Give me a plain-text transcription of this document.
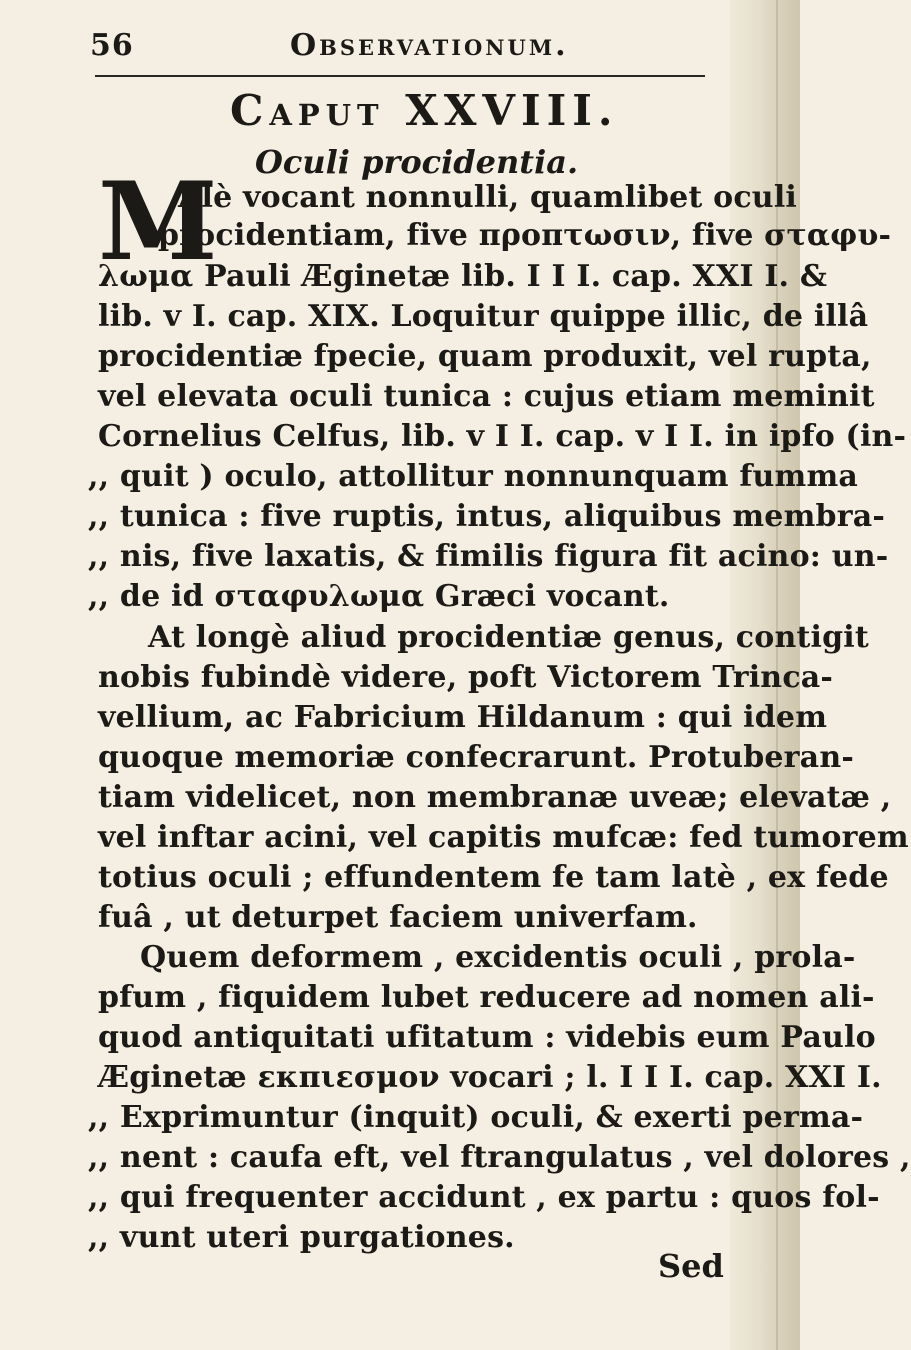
56	Observationum.
Caput XXVIII.
Oculi procidentia.
M
Alè vocant nonnulli, quamlibet oculi
procidentiam, five προπτωσιν, five σταφυ-
λωμα Pauli Æginetæ lib. I I I. cap. XXI I. &
lib. v I. cap. XIX. Loquitur quippe illic, de illâ
procidentiæ fpecie, quam produxit, vel rupta,
vel elevata oculi tunica : cujus etiam meminit
Cornelius Celfus, lib. v I I. cap. v I I. in ipfo (in-
,, quit ) oculo, attollitur nonnunquam fumma
,, tunica : five ruptis, intus, aliquibus membra-
,, nis, five laxatis, & fimilis figura fit acino: un-
,, de id σταφυλωμα Græci vocant.
At longè aliud procidentiæ genus, contigit
nobis fubindè videre, poft Victorem Trinca-
vellium, ac Fabricium Hildanum : qui idem
quoque memoriæ confecrarunt. Protuberan-
tiam videlicet, non membranæ uveæ; elevatæ ,
vel inftar acini, vel capitis mufcæ: fed tumorem
totius oculi ; effundentem fe tam latè , ex fede
fuâ , ut deturpet faciem univerfam.
Quem deformem , excidentis oculi , prola-
pfum , fiquidem lubet reducere ad nomen ali-
quod antiquitati ufitatum : videbis eum Paulo
Æginetæ εκπιεσμον vocari ; l. I I I. cap. XXI I.
,, Exprimuntur (inquit) oculi, & exerti perma-
,, nent : caufa eft, vel ftrangulatus , vel dolores ,
,, qui frequenter accidunt , ex partu : quos fol-
,, vunt uteri purgationes.
Sed
